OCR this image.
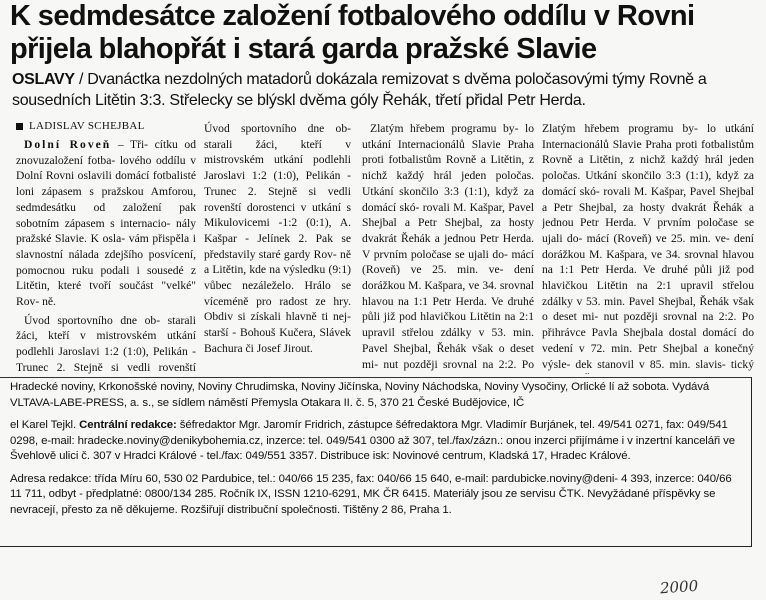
K sedmdesátce založení fotbalového oddílu v Rovni přijela blahopřát i stará garda pražské Slavie
OSLAVY / Dvanáctka nezdolných matadorů dokázala remizovat s dvěma poločasovými týmy Rovně a sousedních Litětin 3:3. Střelecky se blýskl dvěma góly Řehák, třetí přidal Petr Herda.
LADISLAV SCHEJBAL

Dolní Roveň – Tři- cítku od znovuzaložení fotba- lového oddílu v Dolní Rovni oslavili domácí fotbalisté loni zápasem s pražskou Amforou, sedmdesátku od založení pak sobotním zápasem s internacio- nály pražské Slavie. K osla- vám přispěla i slavnostní nálada zdejšího posvícení, pomocnou ruku podali i sousedé z Litětin, které tvoří součást "velké" Rov- ně.

Úvod sportovního dne ob- starali žáci, kteří v mistrovském utkání podlehli Jaroslavi 1:2 (1:0), Pelikán - Trunec 2. Stejně si vedli rovenští

Úvod sportovního dne ob- starali žáci, kteří v mistrovském utkání podlehli Jaroslavi 1:2 (1:0), Pelikán - Trunec 2. Stejně si vedli rovenští dorostenci v utkání s Mikulovicemi -1:2 (0:1), A. Kašpar - Jelínek 2. Pak se představily staré gardy Rov- ně a Litětin, kde na výsledku (9:1) vůbec nezáleželo. Hrálo se víceméně pro radost ze hry. Obdiv si získali hlavně ti nej- starší - Bohouš Kučera, Slávek Bachura či Josef Jirout.

Zlatým hřebem programu by- lo utkání Internacionálů Slavie Praha proti fotbalistům Rovně a Litětin, z nichž každý hrál jeden poločas. Utkání skončilo 3:3 (1:1), když za domácí skó- rovali M. Kašpar, Pavel Shejbal a Petr Shejbal, za hosty dvakrát Řehák a jednou Petr Herda. V prvním poločase se ujali do- mácí (Roveň) ve 25. min. ve- dení dorážkou M. Kašpara, ve 34. srovnal hlavou na 1:1 Petr Herda. Ve druhé půli již pod hlavičkou Litětin na 2:1 upravil střelou zdálky v 53. min. Pavel Shejbal, Řehák však o deset mi- nut později srovnal na 2:2. Po

Zlatým hřebem programu by- lo utkání Internacionálů Slavie Praha proti fotbalistům Rovně a Litětin, z nichž každý hrál jeden poločas. Utkání skončilo 3:3 (1:1), když za domácí skó- rovali M. Kašpar, Pavel Shejbal a Petr Shejbal, za hosty dvakrát Řehák a jednou Petr Herda. V prvním poločase se ujali do- mácí (Roveň) ve 25. min. ve- dení dorážkou M. Kašpara, ve 34. srovnal hlavou na 1:1 Petr Herda. Ve druhé půli již pod hlavičkou Litětin na 2:1 upravil střelou zdálky v 53. min. Pavel Shejbal, Řehák však o deset mi- nut později srovnal na 2:2. Po přihrávce Pavla Shejbala dostal domácí do vedení v 72. min. Petr Shejbal a konečný výsle- dek stanovil v 85. min. slavis- tický

Hradecké noviny, Krkonošské noviny, Noviny Chrudimska, Noviny Jičínska, Noviny Náchodska, Noviny Vysočiny, Orlické lí až sobota. Vydává VLTAVA-LABE-PRESS, a. s., se sídlem náměstí Přemysla Otakara II. č. 5, 370 21 České Budějovice, IČ

el Karel Tejkl. Centrální redakce: šéfredaktor Mgr. Jaromír Fridrich, zástupce šéfredaktora Mgr. Vladimír Burjánek, tel. 49/541 0271, fax: 049/541 0298, e-mail: hradecke.noviny@denikybohemia.cz, inzerce: tel. 049/541 0300 až 307, tel./fax/zázn.: onou inzerci přijímáme i v inzertní kanceláři ve Švehlově ulici č. 307 v Hradci Králové - tel./fax: 049/551 3357. Distribuce isk: Novinové centrum, Kladská 17, Hradec Králové.

Adresa redakce: třída Míru 60, 530 02 Pardubice, tel.: 040/66 15 235, fax: 040/66 15 640, e-mail: pardubicke.noviny@deni- 4 393, inzerce: 040/66 11 711, odbyt - předplatné: 0800/134 285. Ročník IX, ISSN 1210-6291, MK ČR 6415. Materiály jsou ze servisu ČTK. Nevyžádané příspěvky se nevracejí, přesto za ně děkujeme. Rozšiřují distribuční společnosti. Tištěny 2 86, Praha 1.

2000
